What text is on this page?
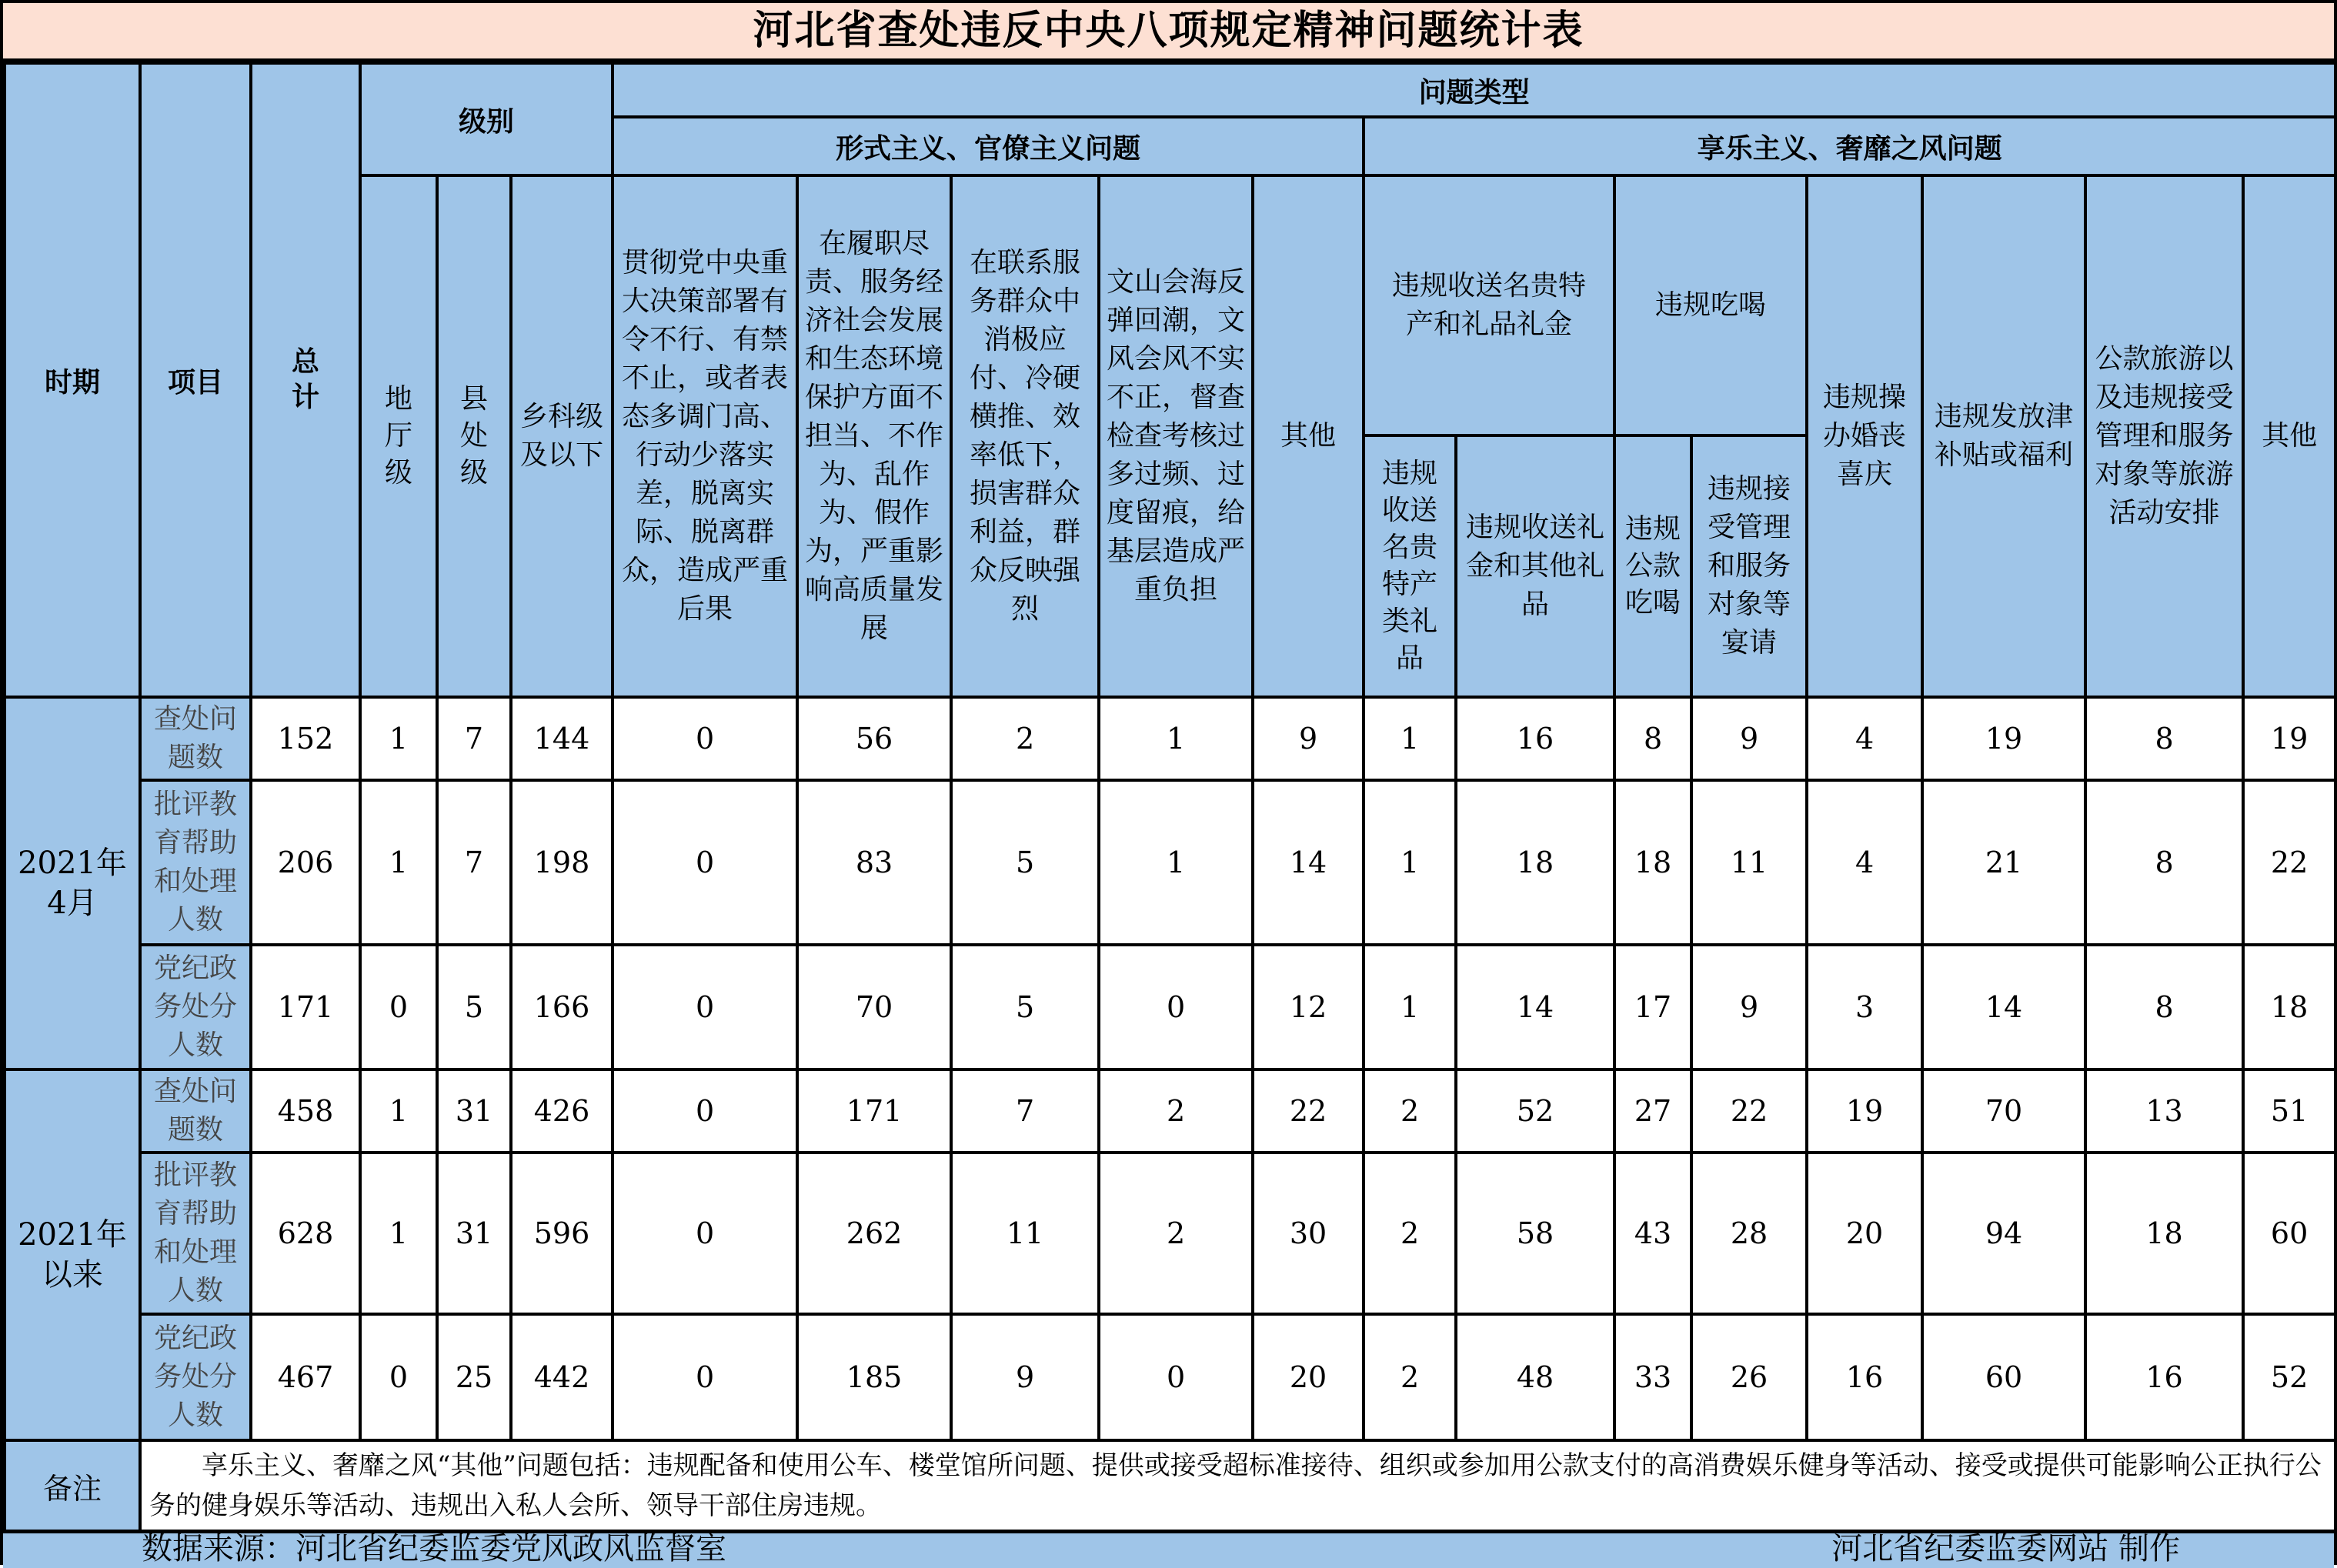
河北省查处违反中央八项规定精神问题统计表
时期	项目	总计	级别			问题类型												
						形式主义、官僚主义问题					享乐主义、奢靡之风问题							
			地厅级	县处级	乡科级及以下	贯彻党中央重大决策部署有令不行、有禁不止，或者表态多调门高、行动少落实差，脱离实际、脱离群众，造成严重后果	在履职尽责、服务经济社会发展和生态环境保护方面不担当、不作为、乱作为、假作为，严重影响高质量发展	在联系服务群众中消极应付、冷硬横推、效率低下，损害群众利益，群众反映强烈	文山会海反弹回潮，文风会风不实不正，督查检查考核过多过频、过度留痕，给基层造成严重负担	其他	违规收送名贵特产和礼品礼金		违规吃喝		违规操办婚丧喜庆	违规发放津补贴或福利	公款旅游以及违规接受管理和服务对象等旅游活动安排	其他
											违规收送名贵特产类礼品	违规收送礼金和其他礼品	违规公款吃喝	违规接受管理和服务对象等宴请				
2021年4月	查处问题数	152	1	7	144	0	56	2	1	9	1	16	8	9	4	19	8	19
	批评教育帮助和处理人数	206	1	7	198	0	83	5	1	14	1	18	18	11	4	21	8	22
	党纪政务处分人数	171	0	5	166	0	70	5	0	12	1	14	17	9	3	14	8	18
2021年以来	查处问题数	458	1	31	426	0	171	7	2	22	2	52	27	22	19	70	13	51
	批评教育帮助和处理人数	628	1	31	596	0	262	11	2	30	2	58	43	28	20	94	18	60
	党纪政务处分人数	467	0	25	442	0	185	9	0	20	2	48	33	26	16	60	16	52
备注	享乐主义、奢靡之风“其他”问题包括：违规配备和使用公车、楼堂馆所问题、提供或接受超标准接待、组织或参加用公款支付的高消费娱乐健身等活动、接受或提供可能影响公正执行公务的健身娱乐等活动、违规出入私人会所、领导干部住房违规。																	
数据来源：河北省纪委监委党风政风监督室	河北省纪委监委网站 制作
